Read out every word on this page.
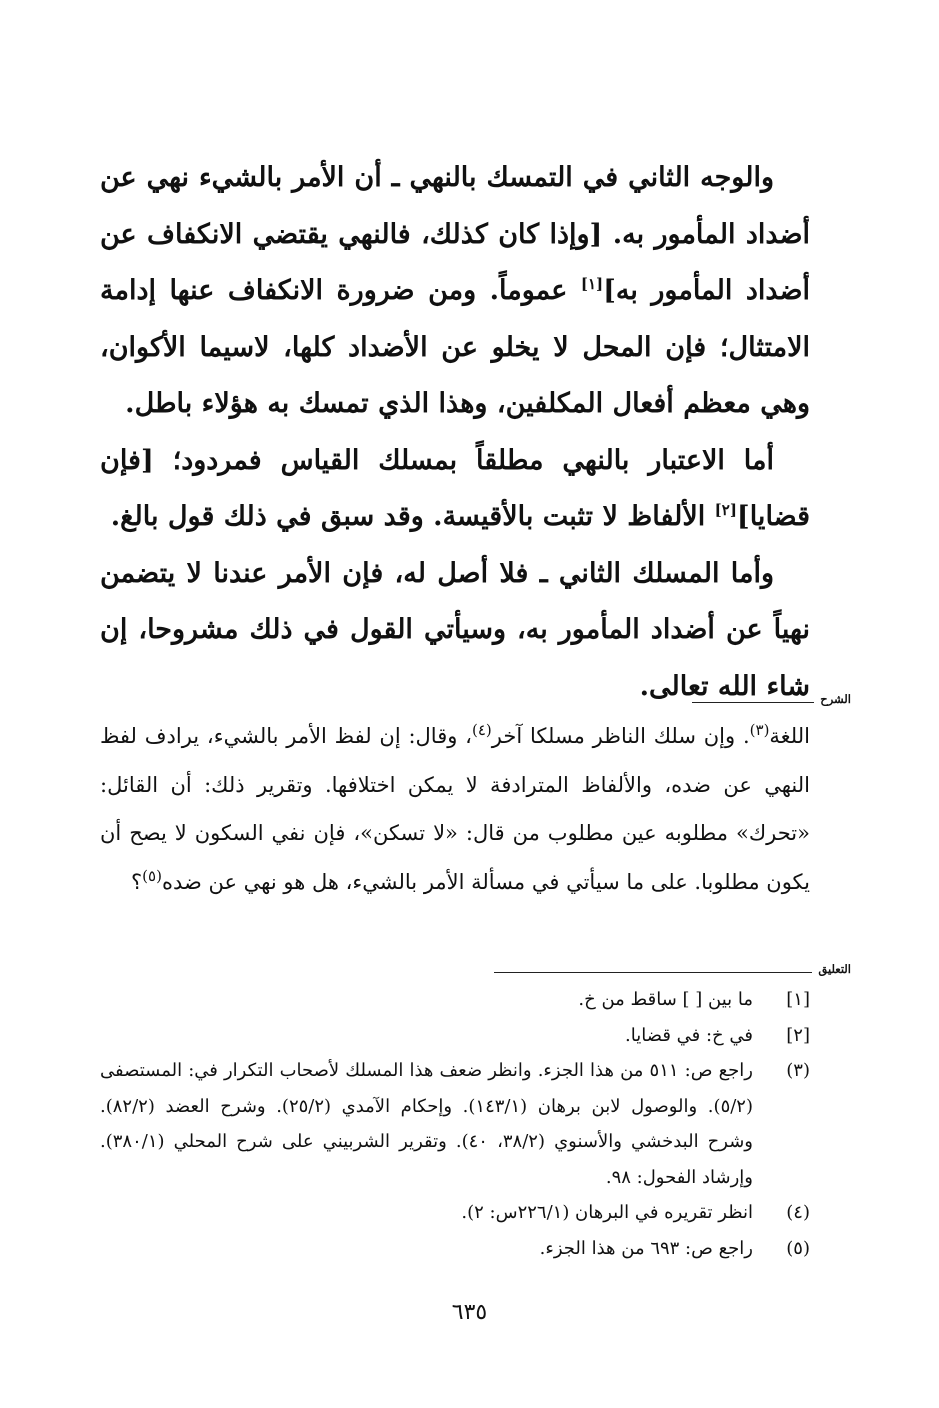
والوجه الثاني في التمسك بالنهي ـ أن الأمر بالشيء نهي عن أضداد المأمور به. [وإذا كان كذلك، فالنهي يقتضي الانكفاف عن أضداد المأمور به][١] عموماً. ومن ضرورة الانكفاف عنها إدامة الامتثال؛ فإن المحل لا يخلو عن الأضداد كلها، لاسيما الأكوان، وهي معظم أفعال المكلفين، وهذا الذي تمسك به هؤلاء باطل.

أما الاعتبار بالنهي مطلقاً بمسلك القياس فمردود؛ [فإن قضايا][٢] الألفاظ لا تثبت بالأقيسة. وقد سبق في ذلك قول بالغ.

وأما المسلك الثاني ـ فلا أصل له، فإن الأمر عندنا لا يتضمن نهياً عن أضداد المأمور به، وسيأتي القول في ذلك مشروحا، إن شاء الله تعالى. الشرح

اللغة$^{(٣)}$. وإن سلك الناظر مسلكا آخر$^{(٤)}$، وقال: إن لفظ الأمر بالشيء، يرادف لفظ النهي عن ضده، والألفاظ المترادفة لا يمكن اختلافها. وتقرير ذلك: أن القائل: «تحرك» مطلوبه عين مطلوب من قال: «لا تسكن»، فإن نفي السكون لا يصح أن يكون مطلوبا. على ما سيأتي في مسألة الأمر بالشيء، هل هو نهي عن ضده$^{(٥)}$؟

التعليق
[١]
ما بين [ ] ساقط من خ.
[٢]
في خ: في قضايا.
(٣)
راجع ص: ٥١١ من هذا الجزء. وانظر ضعف هذا المسلك لأصحاب التكرار في: المستصفى (٥/٢). والوصول لابن برهان (١٤٣/١). وإحكام الآمدي (٢٥/٢). وشرح العضد (٨٢/٢). وشرح البدخشي والأسنوي (٣٨/٢، ٤٠). وتقرير الشربيني على شرح المحلي (٣٨٠/١). وإرشاد الفحول: ٩٨.
(٤)
انظر تقريره في البرهان (٢٢٦/١س: ٢).
(٥)
راجع ص: ٦٩٣ من هذا الجزء.
٦٣٥
